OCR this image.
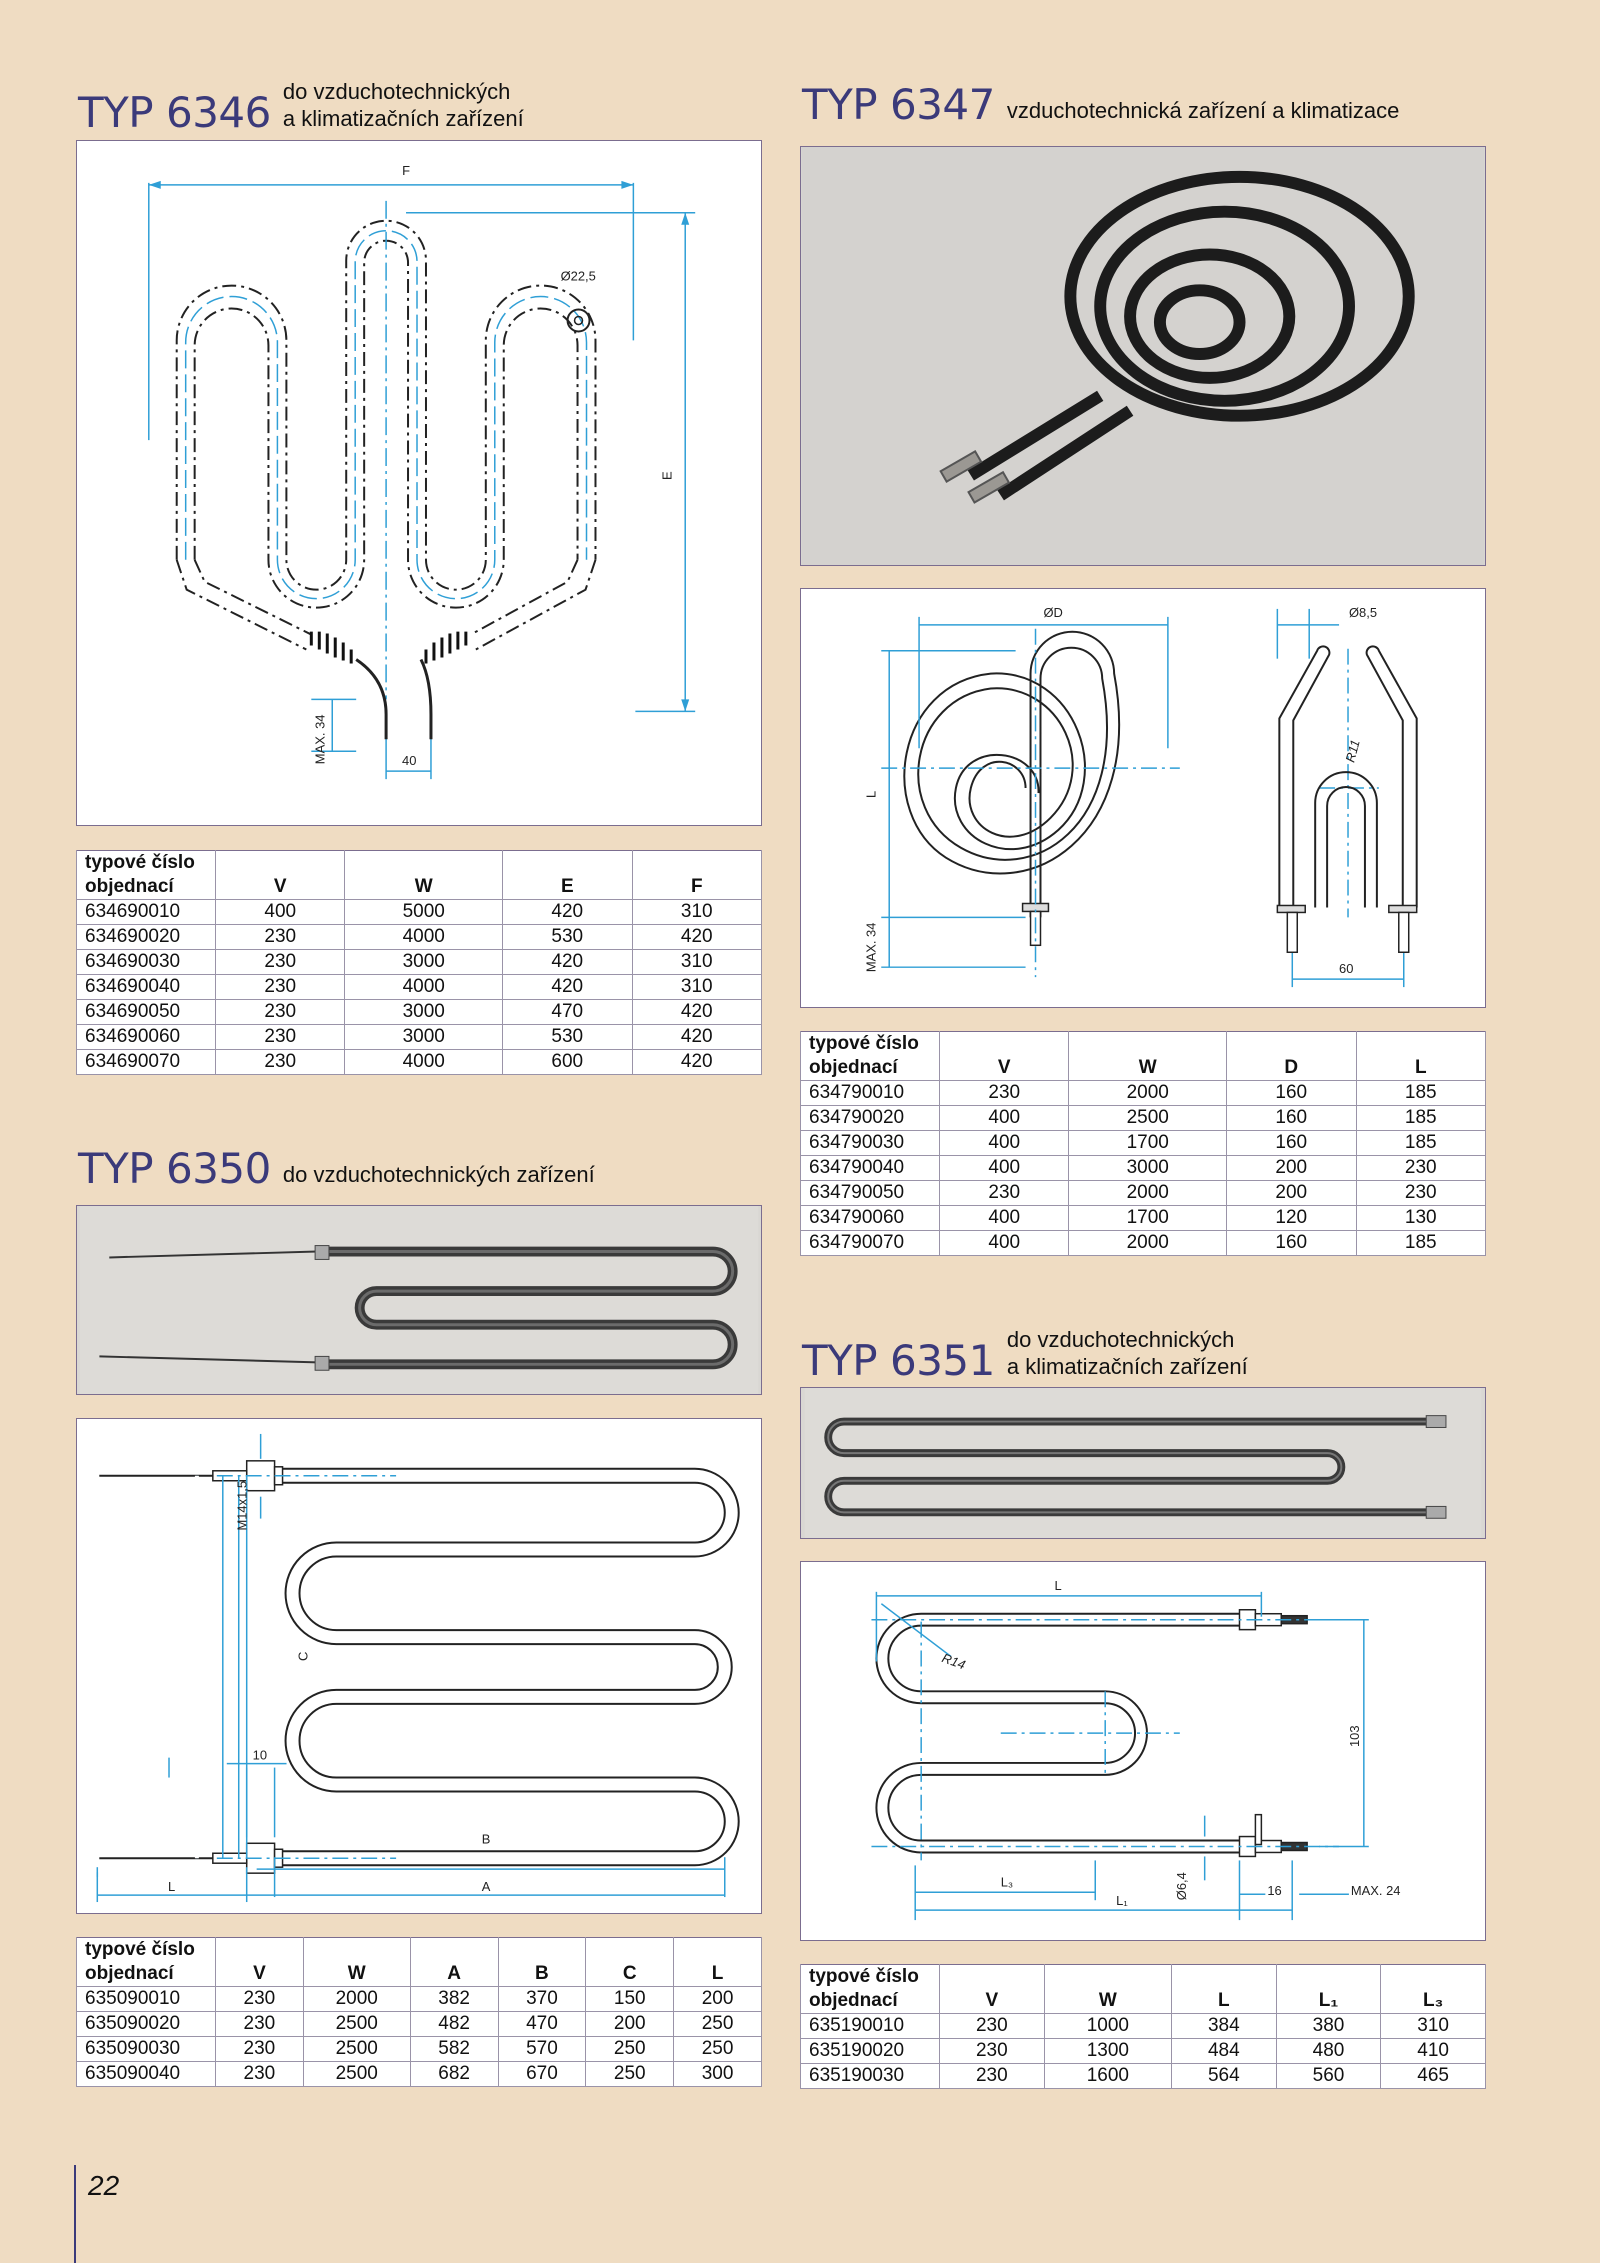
TYP 6346 do vzduchotechnických
a klimatizačních zařízení
F
Ø22,5
E
MAX. 34	40
typové číslo				
objednací	V	W	E	F
634690010	400	5000	420	310
634690020	230	4000	530	420
634690030	230	3000	420	310
634690040	230	4000	420	310
634690050	230	3000	470	420
634690060	230	3000	530	420
634690070	230	4000	600	420
TYP 6347 vzduchotechnická zařízení a klimatizace
ØD	Ø8,5
L
R11
MAX. 34	60
typové číslo				
objednací	V	W	D	L
634790010	230	2000	160	185
634790020	400	2500	160	185
634790030	400	1700	160	185
634790040	400	3000	200	230
634790050	230	2000	200	230
634790060	400	1700	120	130
634790070	400	2000	160	185
TYP 6350 do vzduchotechnických zařízení
M14x1,5
C
10
B
L	A
typové číslo						
objednací	V	W	A	B	C	L
635090010	230	2000	382	370	150	200
635090020	230	2500	482	470	200	250
635090030	230	2500	582	570	250	250
635090040	230	2500	682	670	250	300
TYP 6351 do vzduchotechnických
a klimatizačních zařízení
L
R14
103
Ø6,4	16	MAX. 24
L₃
L₁
typové číslo					
objednací	V	W	L	L₁	L₃
635190010	230	1000	384	380	310
635190020	230	1300	484	480	410
635190030	230	1600	564	560	465
22
